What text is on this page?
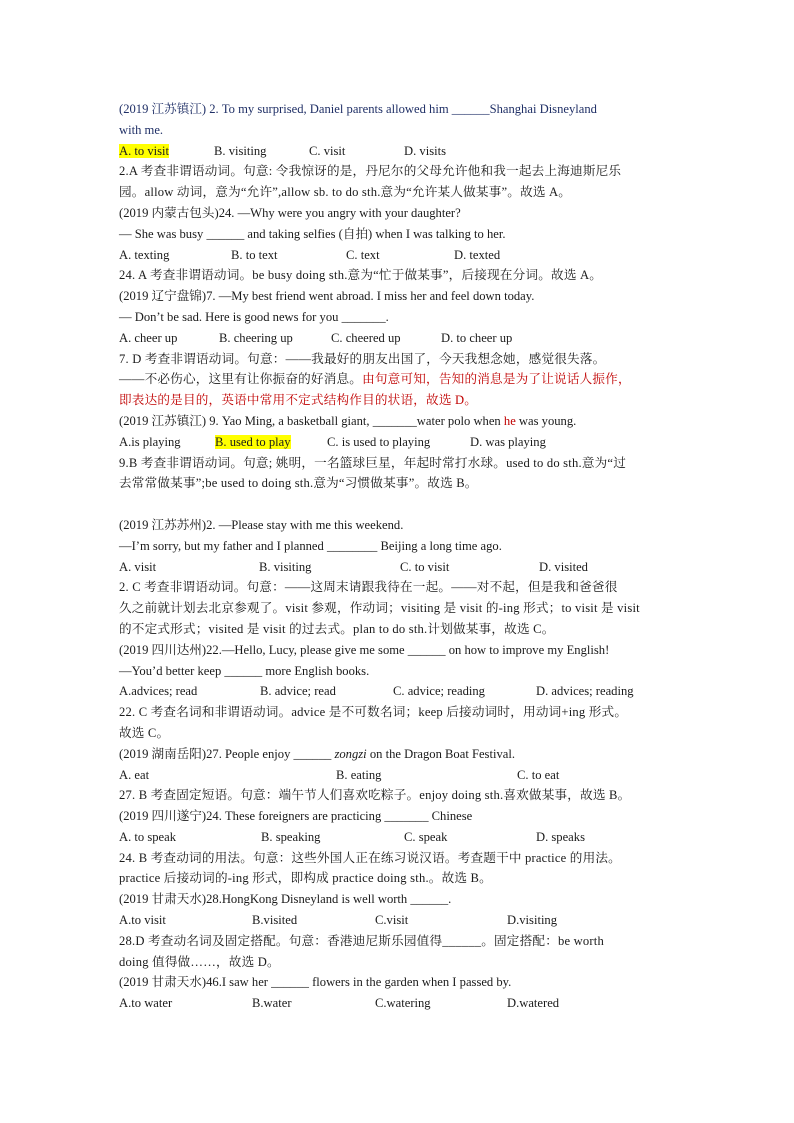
(2019 江苏镇江) 2. To my surprised, Daniel parents allowed him ______Shanghai Disneyland
with me.
A. to visit	B. visiting	C. visit	D. visits
2.A 考查非谓语动词。句意: 令我惊讶的是，丹尼尔的父母允许他和我一起去上海迪斯尼乐
园。allow 动词，意为“允许”,allow sb. to do sth.意为“允许某人做某事”。故选 A。
(2019 内蒙古包头)24. —Why were you angry with your daughter?
— She was busy ______ and taking selfies (自拍) when I was talking to her.
A. texting	B. to text	C. text	D. texted
24. A 考查非谓语动词。be busy doing sth.意为“忙于做某事”，后接现在分词。故选 A。
(2019 辽宁盘锦)7. —My best friend went abroad. I miss her and feel down today.
— Don’t be sad. Here is good news for you _______.
A. cheer up	B. cheering up	C. cheered up	D. to cheer up
7. D 考查非谓语动词。句意：——我最好的朋友出国了，今天我想念她，感觉很失落。
——不必伤心，这里有让你振奋的好消息。由句意可知，告知的消息是为了让说话人振作，
即表达的是目的，英语中常用不定式结构作目的状语，故选 D。
(2019 江苏镇江) 9. Yao Ming, a basketball giant, _______water polo when he was young.
A.is playing	B. used to play	C. is used to playing	D. was playing
9.B 考查非谓语动词。句意; 姚明，一名篮球巨星，年起时常打水球。used to do sth.意为“过
去常常做某事”;be used to doing sth.意为“习惯做某事”。故选 B。
(2019 江苏苏州)2. —Please stay with me this weekend.
—I’m sorry, but my father and I planned ________ Beijing a long time ago.
A. visit	B. visiting	C. to visit	D. visited
2. C 考查非谓语动词。句意：——这周末请跟我待在一起。——对不起，但是我和爸爸很
久之前就计划去北京参观了。visit 参观，作动词；visiting 是 visit 的-ing 形式；to visit 是 visit
的不定式形式；visited 是 visit 的过去式。plan to do sth.计划做某事，故选 C。
(2019 四川达州)22.—Hello, Lucy, please give me some ______ on how to improve my English!
—You’d better keep ______ more English books.
A.advices; read	B. advice; read	C. advice; reading	D. advices; reading
22. C 考查名词和非谓语动词。advice 是不可数名词；keep 后接动词时，用动词+ing 形式。
故选 C。
(2019 湖南岳阳)27. People enjoy ______ zongzi on the Dragon Boat Festival.
A. eat	B. eating	C. to eat
27. B 考查固定短语。句意：端午节人们喜欢吃粽子。enjoy doing sth.喜欢做某事，故选 B。
(2019 四川遂宁)24. These foreigners are practicing _______ Chinese
A. to speak	B. speaking	C. speak	D. speaks
24. B 考查动词的用法。句意：这些外国人正在练习说汉语。考查题干中 practice 的用法。
practice 后接动词的-ing 形式，即构成 practice doing sth.。故选 B。
(2019 甘肃天水)28.HongKong Disneyland is well worth ______.
A.to visit	B.visited	C.visit	D.visiting
28.D 考查动名词及固定搭配。句意：香港迪尼斯乐园值得______。固定搭配：be worth
doing 值得做……，故选 D。
(2019 甘肃天水)46.I saw her ______ flowers in the garden when I passed by.
A.to water	B.water	C.watering	D.watered
